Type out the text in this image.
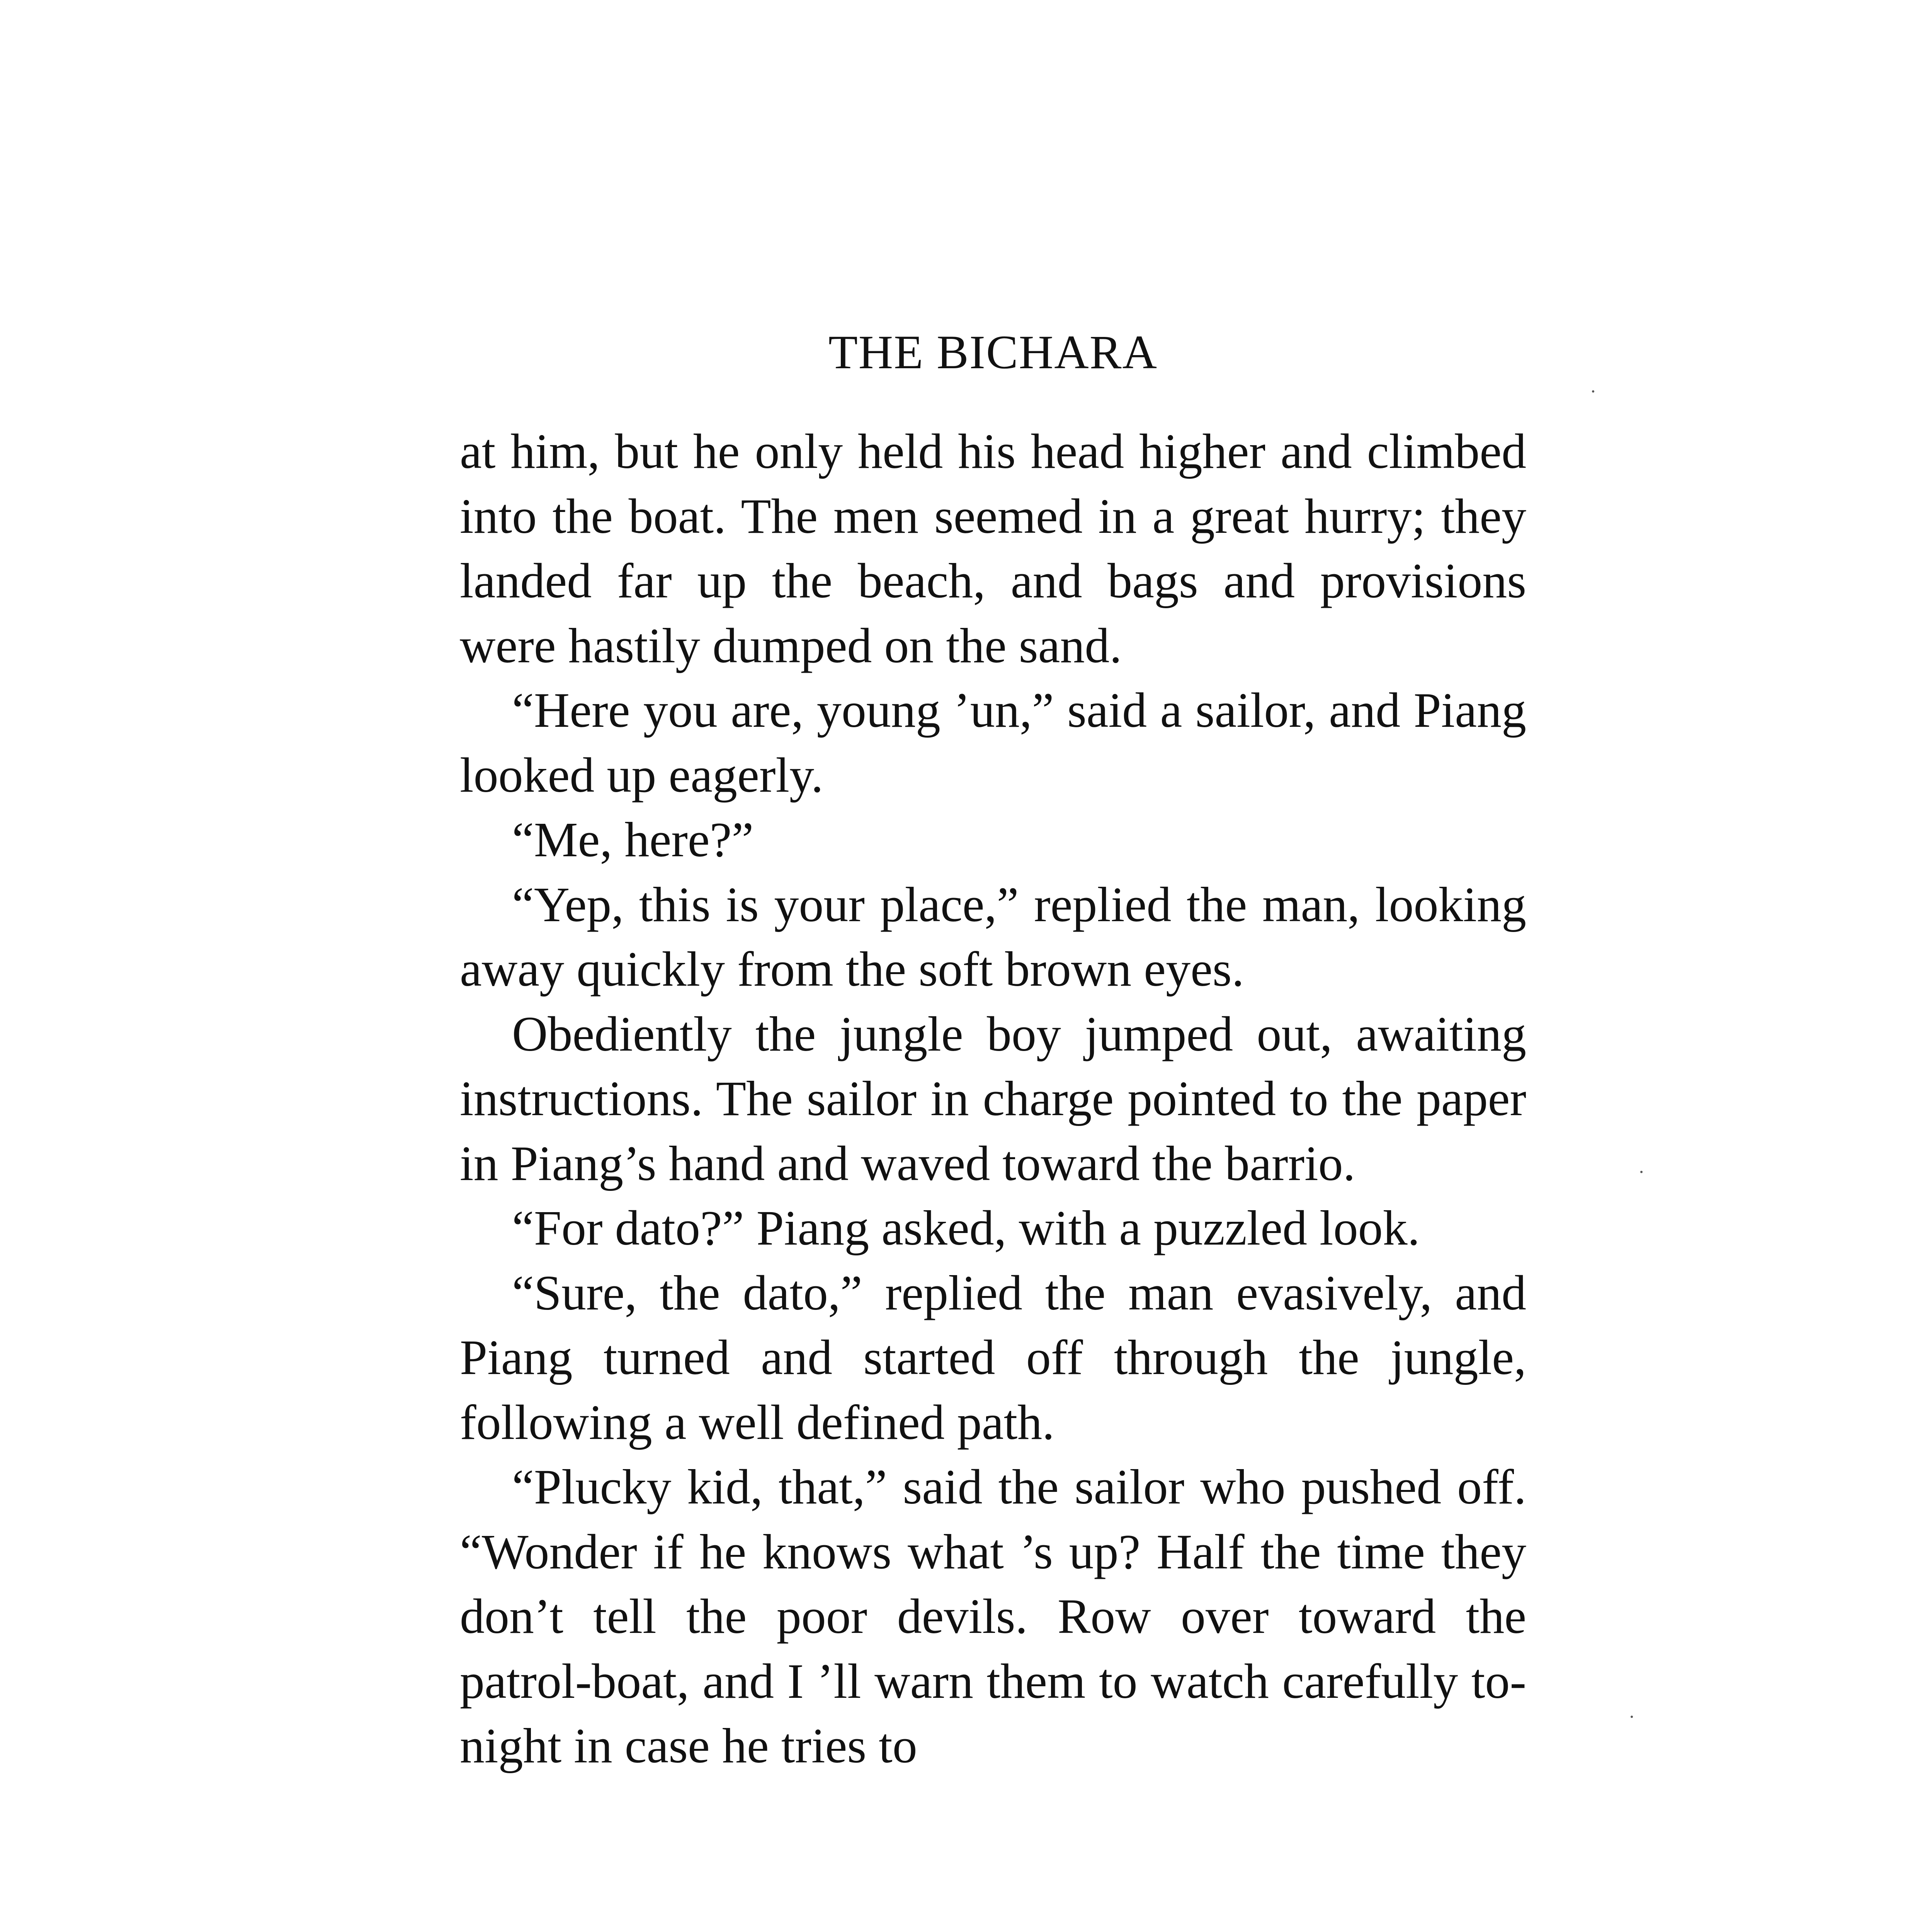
THE BICHARA

at him, but he only held his head higher and climbed into the boat. The men seemed in a great hurry; they landed far up the beach, and bags and provisions were hastily dumped on the sand.

“Here you are, young ’un,” said a sailor, and Piang looked up eagerly.

“Me, here?”

“Yep, this is your place,” replied the man, looking away quickly from the soft brown eyes.

Obediently the jungle boy jumped out, awaiting instructions. The sailor in charge pointed to the paper in Piang’s hand and waved toward the barrio.

“For dato?” Piang asked, with a puzzled look.

“Sure, the dato,” replied the man evasively, and Piang turned and started off through the jungle, following a well defined path.

“Plucky kid, that,” said the sailor who pushed off. “Wonder if he knows what ’s up? Half the time they don’t tell the poor devils. Row over toward the patrol-boat, and I ’ll warn them to watch carefully to-night in case he tries to
